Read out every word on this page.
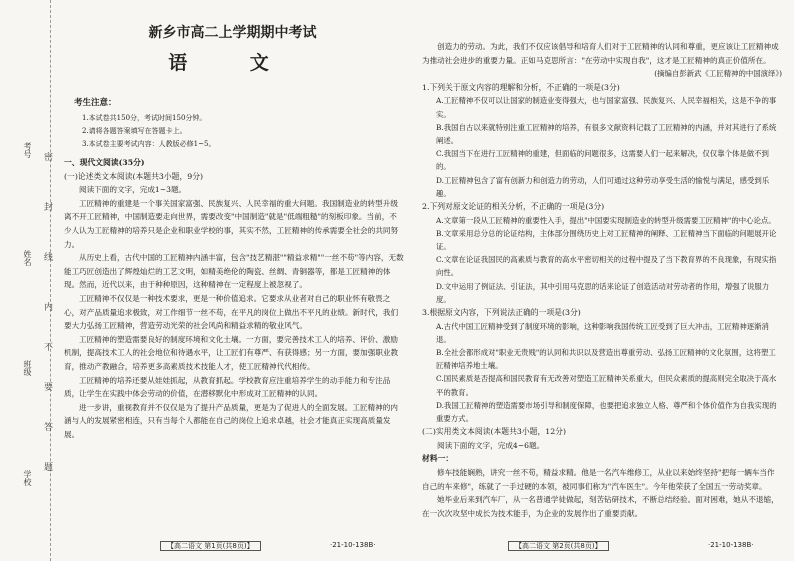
考号
姓名
班级
学校
密
封
线
内
不
要
答
题
新乡市高二上学期期中考试
语 文
考生注意：
1.本试卷共150分，考试时间150分钟。
2.请将各题答案填写在答题卡上。
3.本试卷主要考试内容：人教版必修1~5。

一、现代文阅读(35分)

(一)论述类文本阅读(本题共3小题，9分)

阅读下面的文字，完成1~3题。

工匠精神的重建是一个事关国家富强、民族复兴、人民幸福的重大问题。我国制造业的转型升级离不开工匠精神，中国制造要走向世界，需要改变"中国制造"就是"低端粗糙"的刻板印象。当前，不少人认为工匠精神的培养只是企业和职业学校的事，其实不然，工匠精神的传承需要全社会的共同努力。

从历史上看，古代中国的工匠精神内涵丰富，包含"技艺精湛""精益求精""一丝不苟"等内容，无数能工巧匠创造出了辉煌灿烂的工艺文明，如精美绝伦的陶瓷、丝绸、青铜器等，都是工匠精神的体现。然而，近代以来，由于种种原因，这种精神在一定程度上被忽视了。

工匠精神不仅仅是一种技术要求，更是一种价值追求。它要求从业者对自己的职业怀有敬畏之心，对产品质量追求极致，对工作细节一丝不苟，在平凡的岗位上做出不平凡的业绩。新时代，我们要大力弘扬工匠精神，营造劳动光荣的社会风尚和精益求精的敬业风气。

工匠精神的塑造需要良好的制度环境和文化土壤。一方面，要完善技术工人的培养、评价、激励机制，提高技术工人的社会地位和待遇水平，让工匠们有尊严、有获得感；另一方面，要加强职业教育，推动产教融合，培养更多高素质技术技能人才，使工匠精神代代相传。

工匠精神的培养还要从娃娃抓起，从教育抓起。学校教育应注重培养学生的动手能力和专注品质，让学生在实践中体会劳动的价值，在潜移默化中形成对工匠精神的认同。

进一步讲，重视教育并不仅仅是为了提升产品质量，更是为了促进人的全面发展。工匠精神的内涵与人的发展紧密相连，只有当每个人都能在自己的岗位上追求卓越，社会才能真正实现高质量发展。

【高二语文 第1页(共8页)】	·21-10-138B·

创造力的劳动。为此，我们不仅应该倡导和培育人们对于工匠精神的认同和尊重，更应该让工匠精神成为推动社会进步的重要力量。正如马克思所言："在劳动中实现自我"，这才是工匠精神的真正价值所在。

(摘编自彭新武《工匠精神的中国演绎》)

1.下列关于原文内容的理解和分析，不正确的一项是(3分)

A.工匠精神不仅可以让国家的制造业变得强大，也与国家富强、民族复兴、人民幸福相关，这是不争的事实。

B.我国自古以来就特别注重工匠精神的培养，有很多文献资料记载了工匠精神的内涵，并对其进行了系统阐述。

C.我国当下在进行工匠精神的重建，但面临的问题很多，这需要人们一起来解决，仅仅靠个体是做不到的。

D.工匠精神包含了富有创新力和创造力的劳动，人们可通过这种劳动享受生活的愉悦与满足，感受到乐趣。

2.下列对原文论证的相关分析，不正确的一项是(3分)

A.文章第一段从工匠精神的重要性入手，提出"中国要实现制造业的转型升级需要工匠精神"的中心论点。

B.文章采用总分总的论证结构，主体部分围绕历史上对工匠精神的阐释、工匠精神当下面临的问题展开论证。

C.文章在论证我国民的高素质与教育的高水平密切相关的过程中提及了当下教育界的不良现象，有现实指向性。

D.文中运用了例证法、引证法，其中引用马克思的话来论证了创造活动对劳动者的作用，增强了说服力度。

3.根据原文内容，下列说法正确的一项是(3分)

A.古代中国工匠精神受到了制度环境的影响，这种影响我国传统工匠受到了巨大冲击，工匠精神逐渐消退。

B.全社会都形成对"职业无贵贱"的认同和共识以及营造出尊重劳动、弘扬工匠精神的文化氛围，这将塑工匠精神培养地土壤。

C.国民素质是否提高和国民教育有无改善对塑造工匠精神关系重大，但民众素质的提高则完全取决于高水平的教育。

D.我国工匠精神的塑造需要市场引导和制度保障，也要把追求独立人格、尊严和个体价值作为自我实现的重要方式。

(二)实用类文本阅读(本题共3小题，12分)

阅读下面的文字，完成4~6题。

材料一：

修车技能娴熟，讲究一丝不苟，精益求精。他是一名汽车维修工，从业以来始终坚持"把每一辆车当作自己的车来修"，练就了一手过硬的本领，被同事们称为"汽车医生"。今年他荣获了全国五一劳动奖章。

她毕业后来到汽车厂，从一名普通学徒做起，刻苦钻研技术，不断总结经验。面对困难，她从不退缩，在一次次攻坚中成长为技术能手，为企业的发展作出了重要贡献。

【高二语文 第2页(共8页)】	·21-10-138B·
